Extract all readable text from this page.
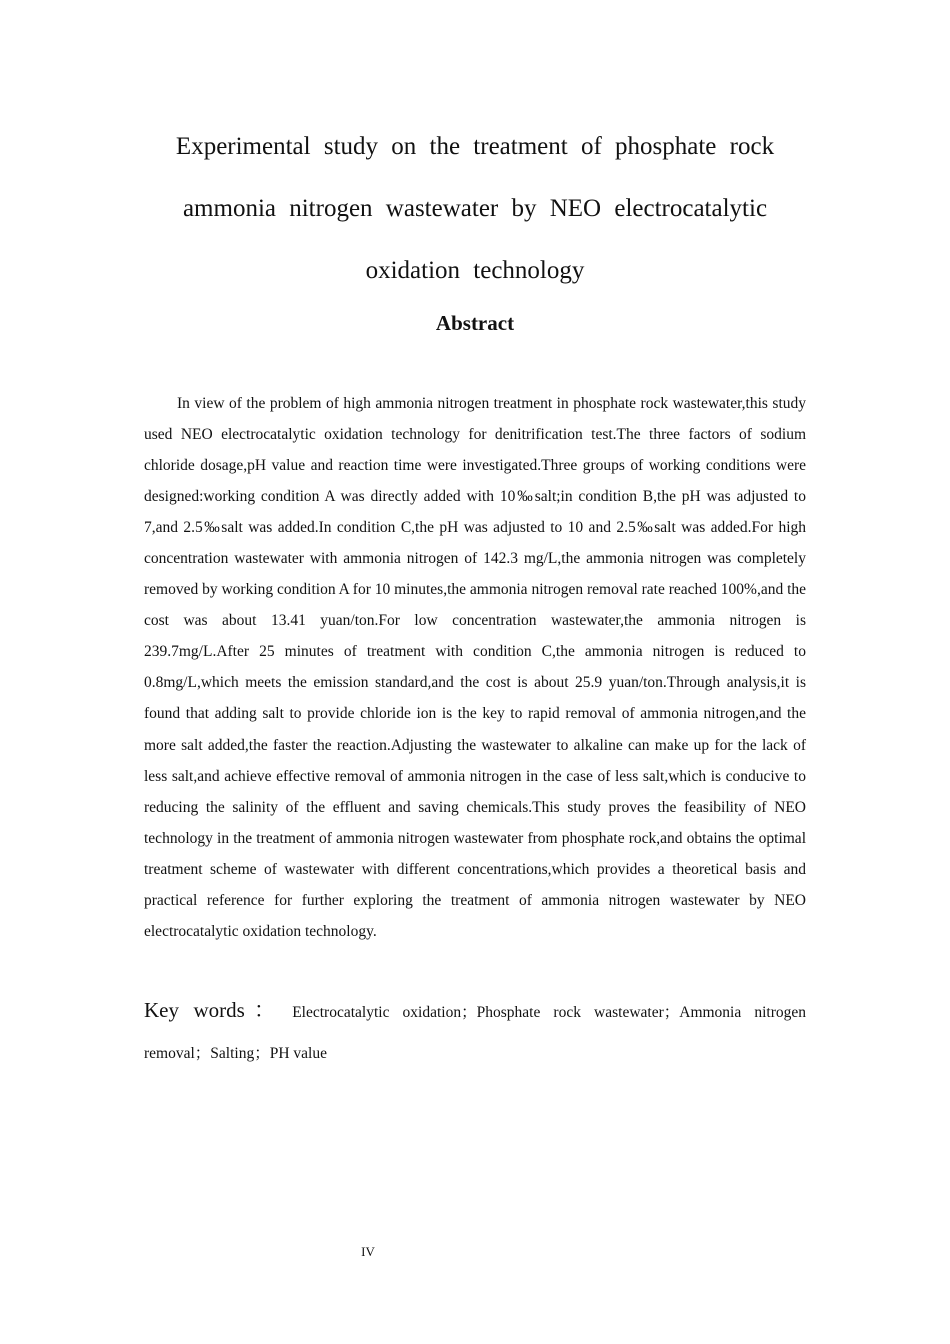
Experimental study on the treatment of phosphate rock ammonia nitrogen wastewater by NEO electrocatalytic oxidation technology
Abstract

In view of the problem of high ammonia nitrogen treatment in phosphate rock wastewater,this study used NEO electrocatalytic oxidation technology for denitrification test.The three factors of sodium chloride dosage,pH value and reaction time were investigated.Three groups of working conditions were designed:working condition A was directly added with 10‰salt;in condition B,the pH was adjusted to 7,and 2.5‰salt was added.In condition C,the pH was adjusted to 10 and 2.5‰salt was added.For high concentration wastewater with ammonia nitrogen of 142.3 mg/L,the ammonia nitrogen was completely removed by working condition A for 10 minutes,the ammonia nitrogen removal rate reached 100%,and the cost was about 13.41 yuan/ton.For low concentration wastewater,the ammonia nitrogen is 239.7mg/L.After 25 minutes of treatment with condition C,the ammonia nitrogen is reduced to 0.8mg/L,which meets the emission standard,and the cost is about 25.9 yuan/ton.Through analysis,it is found that adding salt to provide chloride ion is the key to rapid removal of ammonia nitrogen,and the more salt added,the faster the reaction.Adjusting the wastewater to alkaline can make up for the lack of less salt,and achieve effective removal of ammonia nitrogen in the case of less salt,which is conducive to reducing the salinity of the effluent and saving chemicals.This study proves the feasibility of NEO technology in the treatment of ammonia nitrogen wastewater from phosphate rock,and obtains the optimal treatment scheme of wastewater with different concentrations,which provides a theoretical basis and practical reference for further exploring the treatment of ammonia nitrogen wastewater by NEO electrocatalytic oxidation technology.

Key words： Electrocatalytic oxidation；Phosphate rock wastewater；Ammonia nitrogen removal；Salting；PH value

IV
